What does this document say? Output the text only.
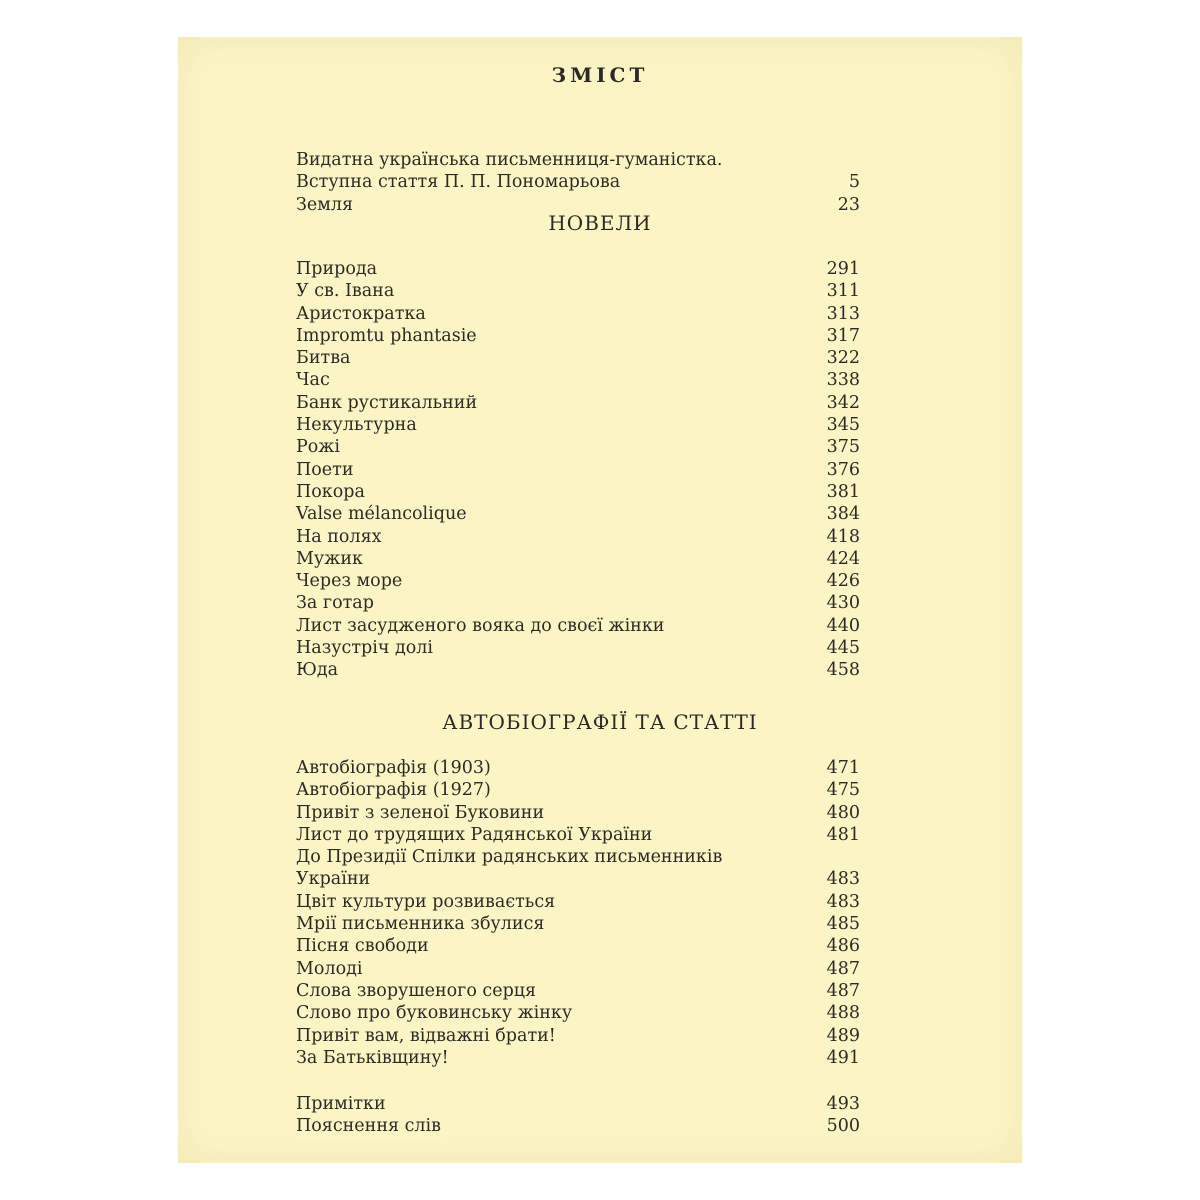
ЗМІСТ
Видатна українська письменниця-гуманістка.
Вступна стаття П. П. Пономарьова	5
Земля	23
НОВЕЛИ
Природа	291
У св. Івана	311
Аристократка	313
Impromtu phantasie	317
Битва	322
Час	338
Банк рустикальний	342
Некультурна	345
Рожі	375
Поети	376
Покора	381
Valse mélancolique	384
На полях	418
Мужик	424
Через море	426
За готар	430
Лист засудженого вояка до своєї жінки	440
Назустріч долі	445
Юда	458
АВТОБІОГРАФІЇ ТА СТАТТІ
Автобіографія (1903)	471
Автобіографія (1927)	475
Привіт з зеленої Буковини	480
Лист до трудящих Радянської України	481
До Президії Спілки радянських письменників
України	483
Цвіт культури розвивається	483
Мрії письменника збулися	485
Пісня свободи	486
Молоді	487
Слова зворушеного серця	487
Слово про буковинську жінку	488
Привіт вам, відважні брати!	489
За Батьківщину!	491
Примітки	493
Пояснення слів	500
